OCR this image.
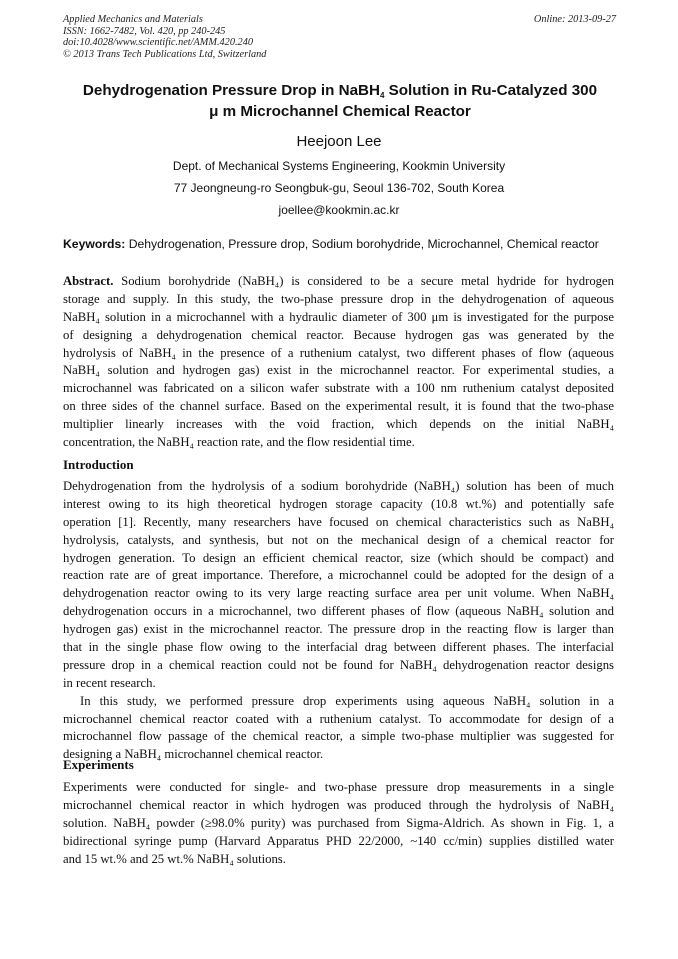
Applied Mechanics and Materials
ISSN: 1662-7482, Vol. 420, pp 240-245
doi:10.4028/www.scientific.net/AMM.420.240
© 2013 Trans Tech Publications Ltd, Switzerland
Online: 2013-09-27
Dehydrogenation Pressure Drop in NaBH$_4$ Solution in Ru-Catalyzed 300
μ m Microchannel Chemical Reactor
Heejoon Lee
Dept. of Mechanical Systems Engineering, Kookmin University
77 Jeongneung-ro Seongbuk-gu, Seoul 136-702, South Korea
joellee@kookmin.ac.kr
Keywords: Dehydrogenation, Pressure drop, Sodium borohydride, Microchannel, Chemical reactor
Abstract. Sodium borohydride (NaBH₄) is considered to be a secure metal hydride for hydrogen
storage and supply. In this study, the two-phase pressure drop in the dehydrogenation of aqueous
NaBH₄ solution in a microchannel with a hydraulic diameter of 300 μm is investigated for the purpose
of designing a dehydrogenation chemical reactor. Because hydrogen gas was generated by the
hydrolysis of NaBH₄ in the presence of a ruthenium catalyst, two different phases of flow (aqueous
NaBH₄ solution and hydrogen gas) exist in the microchannel reactor. For experimental studies, a
microchannel was fabricated on a silicon wafer substrate with a 100 nm ruthenium catalyst deposited
on three sides of the channel surface. Based on the experimental result, it is found that the two-phase
multiplier linearly increases with the void fraction, which depends on the initial NaBH₄
concentration, the NaBH₄ reaction rate, and the flow residential time.
Introduction
Dehydrogenation from the hydrolysis of a sodium borohydride (NaBH₄) solution has been of much
interest owing to its high theoretical hydrogen storage capacity (10.8 wt.%) and potentially safe
operation [1]. Recently, many researchers have focused on chemical characteristics such as NaBH₄
hydrolysis, catalysts, and synthesis, but not on the mechanical design of a chemical reactor for
hydrogen generation. To design an efficient chemical reactor, size (which should be compact) and
reaction rate are of great importance. Therefore, a microchannel could be adopted for the design of a
dehydrogenation reactor owing to its very large reacting surface area per unit volume. When NaBH₄
dehydrogenation occurs in a microchannel, two different phases of flow (aqueous NaBH₄ solution and
hydrogen gas) exist in the microchannel reactor. The pressure drop in the reacting flow is larger than
that in the single phase flow owing to the interfacial drag between different phases. The interfacial
pressure drop in a chemical reaction could not be found for NaBH₄ dehydrogenation reactor designs
in recent research.
In this study, we performed pressure drop experiments using aqueous NaBH₄ solution in a
microchannel chemical reactor coated with a ruthenium catalyst. To accommodate for design of a
microchannel flow passage of the chemical reactor, a simple two-phase multiplier was suggested for
designing a NaBH₄ microchannel chemical reactor.
Experiments
Experiments were conducted for single- and two-phase pressure drop measurements in a single
microchannel chemical reactor in which hydrogen was produced through the hydrolysis of NaBH₄
solution. NaBH₄ powder (≥98.0% purity) was purchased from Sigma-Aldrich. As shown in Fig. 1, a
bidirectional syringe pump (Harvard Apparatus PHD 22/2000, ~140 cc/min) supplies distilled water
and 15 wt.% and 25 wt.% NaBH₄ solutions.
